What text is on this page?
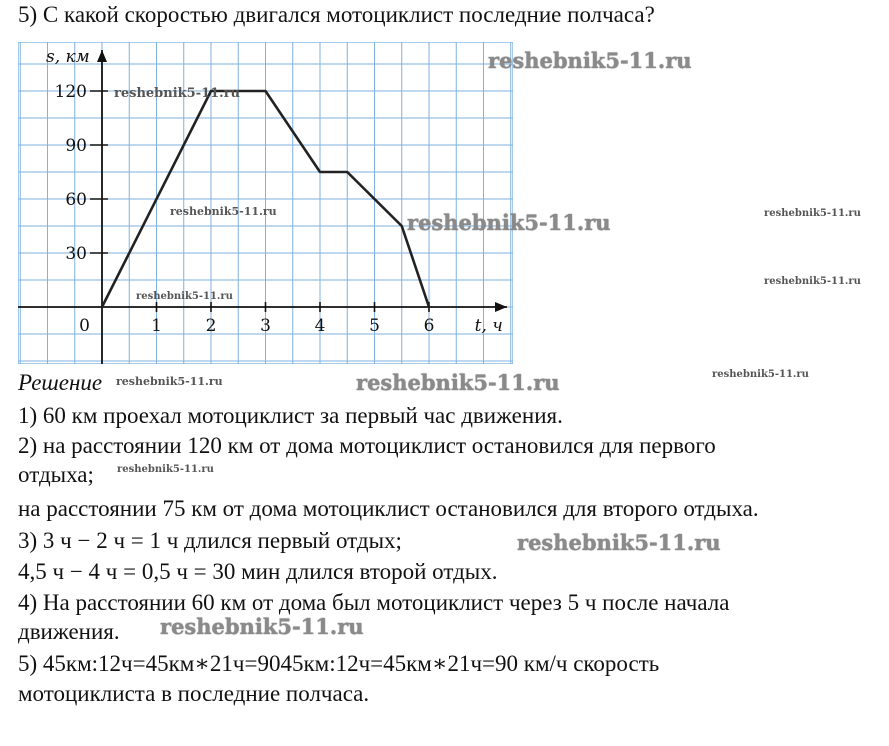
5) С какой скоростью двигался мотоциклист последние полчаса?
1	2	3	4	5	6
30
60
90
120
0	t, ч
s, км
Решение
1) 60 км проехал мотоциклист за первый час движения.
2) на расстоянии 120 км от дома мотоциклист остановился для первого
отдыха;
на расстоянии 75 км от дома мотоциклист остановился для второго отдыха.
3) 3 ч − 2 ч = 1 ч длился первый отдых;
4,5 ч − 4 ч = 0,5 ч = 30 мин длился второй отдых.
4) На расстоянии 60 км от дома был мотоциклист через 5 ч после начала
движения.
5) 45км:12ч=45км∗21ч=9045км:12ч=45км∗21ч=90 км/ч скорость
мотоциклиста в последние полчаса.
reshebnik5-11.ru
reshebnik5-11.ru
reshebnik5-11.ru	reshebnik5-11.ru	reshebnik5-11.ru
reshebnik5-11.ru
reshebnik5-11.ru
reshebnik5-11.ru	reshebnik5-11.ru	reshebnik5-11.ru
reshebnik5-11.ru
reshebnik5-11.ru
reshebnik5-11.ru
